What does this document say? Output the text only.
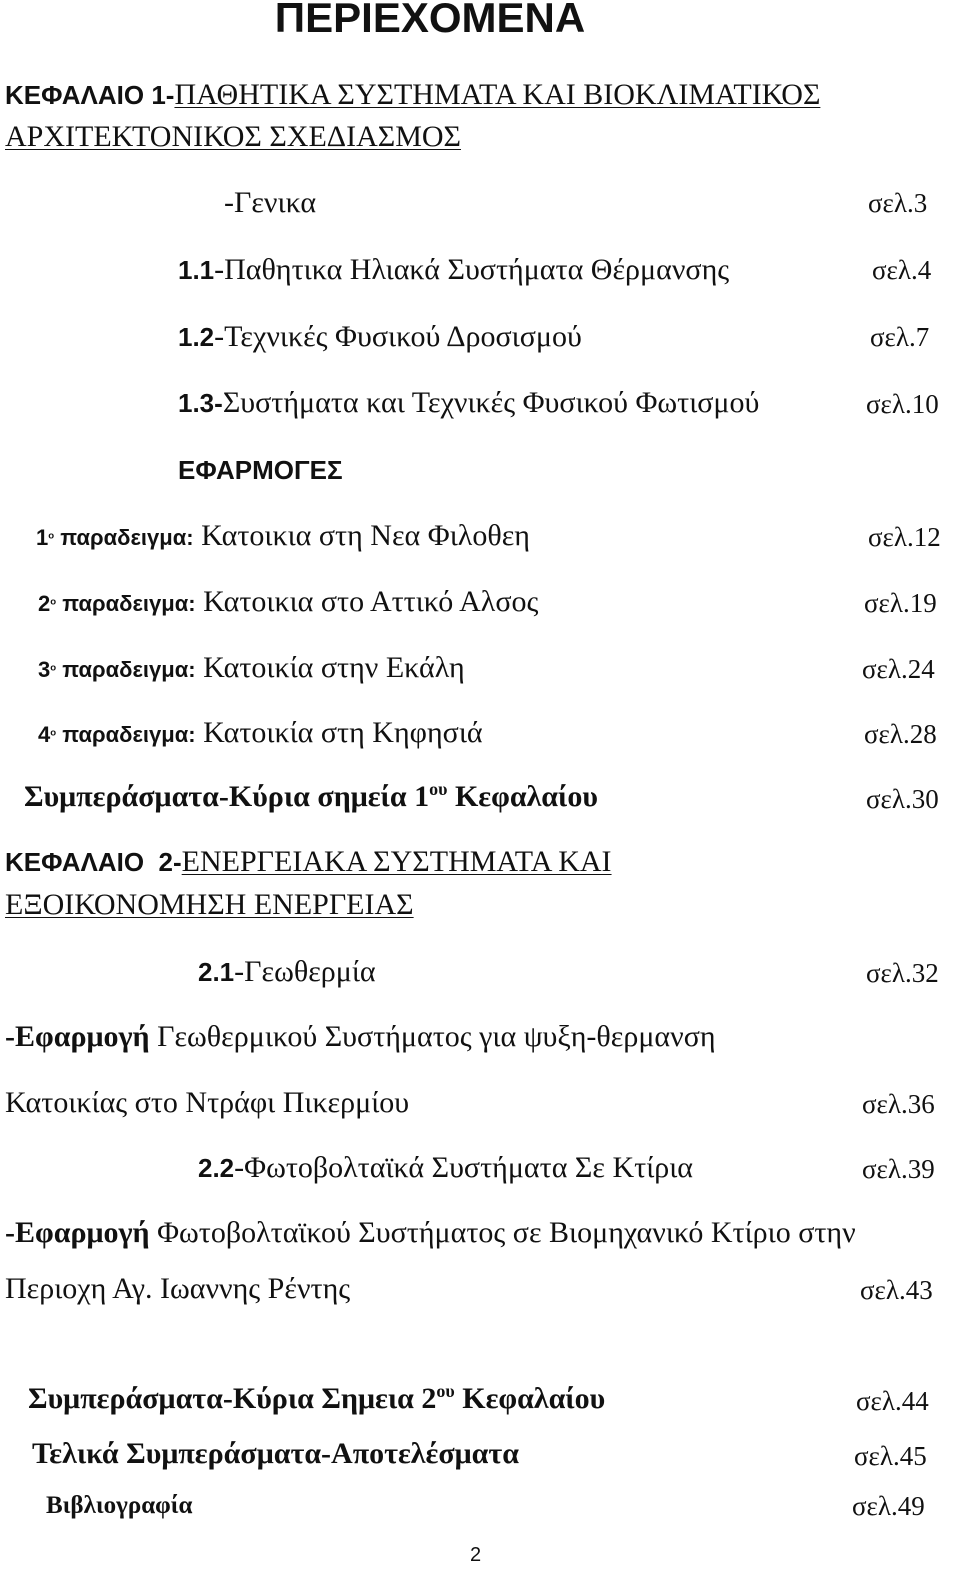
ΠΕΡΙΕΧΟΜΕΝΑ
ΚΕΦΑΛΑΙΟ 1-ΠΑΘΗΤΙΚΑ ΣΥΣΤΗΜΑΤΑ ΚΑΙ ΒΙΟΚΛΙΜΑΤΙΚΟΣ
ΑΡΧΙΤΕΚΤΟΝΙΚΟΣ ΣΧΕΔΙΑΣΜΟΣ
-Γενικα	σελ.3
1.1-Παθητικα Ηλιακά Συστήματα Θέρμανσης	σελ.4
1.2-Τεχνικές Φυσικού Δροσισμού	σελ.7
1.3-Συστήματα και Τεχνικές Φυσικού Φωτισμού	σελ.10
ΕΦΑΡΜΟΓΕΣ
$1^o$ παραδειγμα: Κατοικια στη Νεα Φιλοθεη	σελ.12
$2^o$ παραδειγμα: Κατοικια στο Αττικό Αλσος	σελ.19
$3^o$ παραδειγμα: Κατοικία στην Εκάλη	σελ.24
$4^o$ παραδειγμα: Κατοικία στη Κηφησιά	σελ.28
Συμπεράσματα-Κύρια σημεία $1^{o\upsilon}$ Κεφαλαίου	σελ.30
ΚΕΦΑΛΑΙΟ  2-ΕΝΕΡΓΕΙΑΚΑ ΣΥΣΤΗΜΑΤΑ ΚΑΙ
ΕΞΟΙΚΟΝΟΜΗΣΗ ΕΝΕΡΓΕΙΑΣ
2.1-Γεωθερμία	σελ.32
-Εφαρμογή Γεωθερμικού Συστήματος για ψυξη-θερμανση
Κατοικίας στο Ντράφι Πικερμίου	σελ.36
2.2-Φωτοβολταϊκά Συστήματα Σε Κτίρια	σελ.39
-Εφαρμογή Φωτοβολταϊκού Συστήματος σε Βιομηχανικό Κτίριο στην
Περιοχη Αγ. Ιωαννης Ρέντης	σελ.43
Συμπεράσματα-Κύρια Σημεια $2^{o\upsilon}$ Κεφαλαίου	σελ.44
Τελικά Συμπεράσματα-Αποτελέσματα	σελ.45
Βιβλιογραφία	σελ.49
2
